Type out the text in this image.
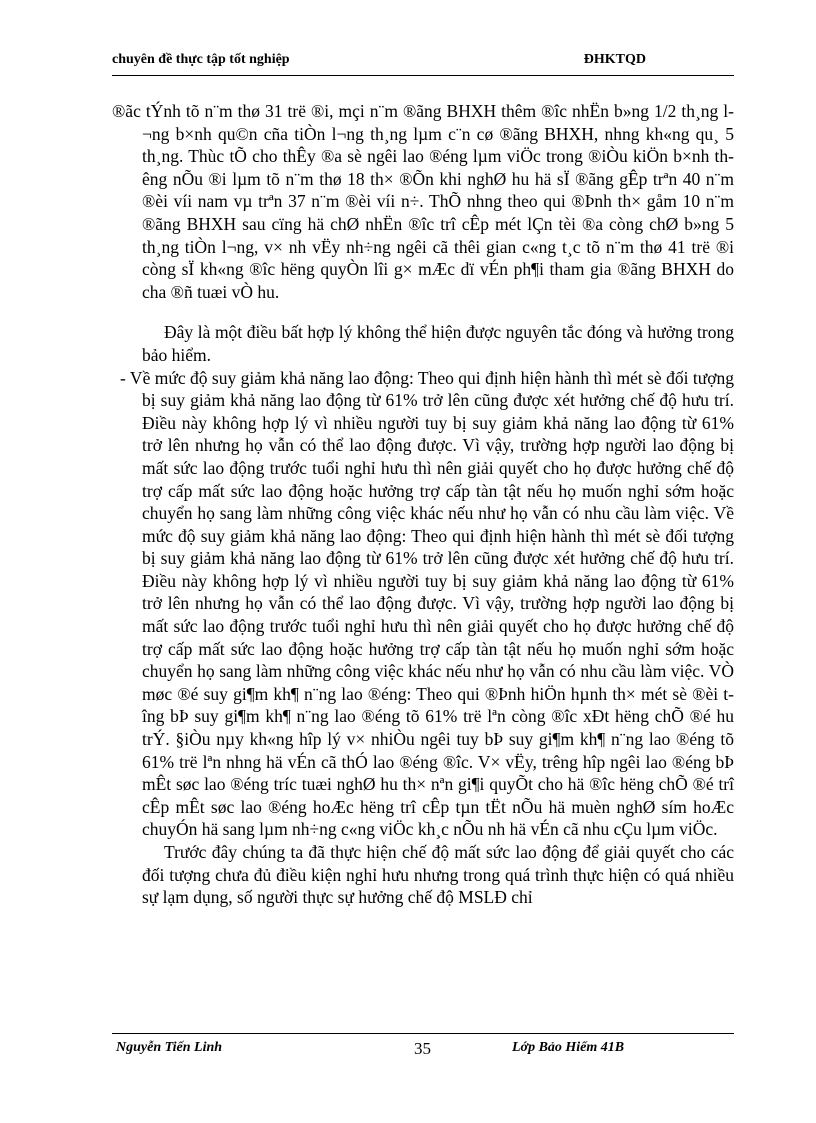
chuyên đề thực tập tốt nghiệp	ĐHKTQD

®ãc tÝnh tõ n¨m thø 31 trë ®i, mçi n¨m ®ãng BHXH thêm ®îc nhËn b»ng 1/2 th¸ng l¬ng b×nh qu©n cña tiÒn l¬ng th¸ng lµm c¨n cø ®ãng BHXH, nhng kh«ng qu¸ 5 th¸ng. Thùc tÕ cho thÊy ®a sè ngêi lao ®éng lµm viÖc trong ®iÒu kiÖn b×nh thêng nÕu ®i lµm tõ n¨m thø 18 th× ®Õn khi nghØ hu hä sÏ ®ãng gÊp trªn 40 n¨m ®èi víi nam vµ trªn 37 n¨m ®èi víi n÷. ThÕ nhng theo qui ®Þnh th× gåm 10 n¨m ®ãng BHXH sau cïng hä chØ nhËn ®îc trî cÊp mét lÇn tèi ®a còng chØ b»ng 5 th¸ng tiÒn l¬ng, v× nh vËy nh÷ng ngêi cã thêi gian c«ng t¸c tõ n¨m thø 41 trë ®i còng sÏ kh«ng ®îc hëng quyÒn lîi g× mÆc dï vÉn ph¶i tham gia ®ãng BHXH do cha ®ñ tuæi vÒ hu.

Đây là một điều bất hợp lý không thể hiện được nguyên tắc đóng và hưởng trong bảo hiểm.

- Về mức độ suy giảm khả năng lao động: Theo qui định hiện hành thì mét sè đối tượng bị suy giảm khả năng lao động từ 61% trở lên cũng được xét hưởng chế độ hưu trí. Điều này không hợp lý vì nhiều người tuy bị suy giảm khả năng lao động từ 61% trở lên nhưng họ vẫn có thể lao động được. Vì vậy, trường hợp người lao động bị mất sức lao động trước tuổi nghỉ hưu thì nên giải quyết cho họ được hưởng chế độ trợ cấp mất sức lao động hoặc hưởng trợ cấp tàn tật nếu họ muốn nghỉ sớm hoặc chuyển họ sang làm những công việc khác nếu như họ vẫn có nhu cầu làm việc. Về mức độ suy giảm khả năng lao động: Theo qui định hiện hành thì mét sè đối tượng bị suy giảm khả năng lao động từ 61% trở lên cũng được xét hưởng chế độ hưu trí. Điều này không hợp lý vì nhiều người tuy bị suy giảm khả năng lao động từ 61% trở lên nhưng họ vẫn có thể lao động được. Vì vậy, trường hợp người lao động bị mất sức lao động trước tuổi nghỉ hưu thì nên giải quyết cho họ được hưởng chế độ trợ cấp mất sức lao động hoặc hưởng trợ cấp tàn tật nếu họ muốn nghỉ sớm hoặc chuyển họ sang làm những công việc khác nếu như họ vẫn có nhu cầu làm việc. VÒ møc ®é suy gi¶m kh¶ n¨ng lao ®éng: Theo qui ®Þnh hiÖn hµnh th× mét sè ®èi tîng bÞ suy gi¶m kh¶ n¨ng lao ®éng tõ 61% trë lªn còng ®îc xÐt hëng chÕ ®é hu trÝ. §iÒu nµy kh«ng hîp lý v× nhiÒu ngêi tuy bÞ suy gi¶m kh¶ n¨ng lao ®éng tõ 61% trë lªn nhng hä vÉn cã thÓ lao ®éng ®îc. V× vËy, trêng hîp ngêi lao ®éng bÞ mÊt søc lao ®éng tríc tuæi nghØ hu th× nªn gi¶i quyÕt cho hä ®îc hëng chÕ ®é trî cÊp mÊt søc lao ®éng hoÆc hëng trî cÊp tµn tËt nÕu hä muèn nghØ sím hoÆc chuyÓn hä sang lµm nh÷ng c«ng viÖc kh¸c nÕu nh hä vÉn cã nhu cÇu lµm viÖc.

Trước đây chúng ta đã thực hiện chế độ mất sức lao động để giải quyết cho các đối tượng chưa đủ điều kiện nghỉ hưu nhưng trong quá trình thực hiện có quá nhiều sự lạm dụng, số người thực sự hưởng chế độ MSLĐ chỉ

Nguyễn Tiến Linh	35	Lớp Bảo Hiểm 41B
